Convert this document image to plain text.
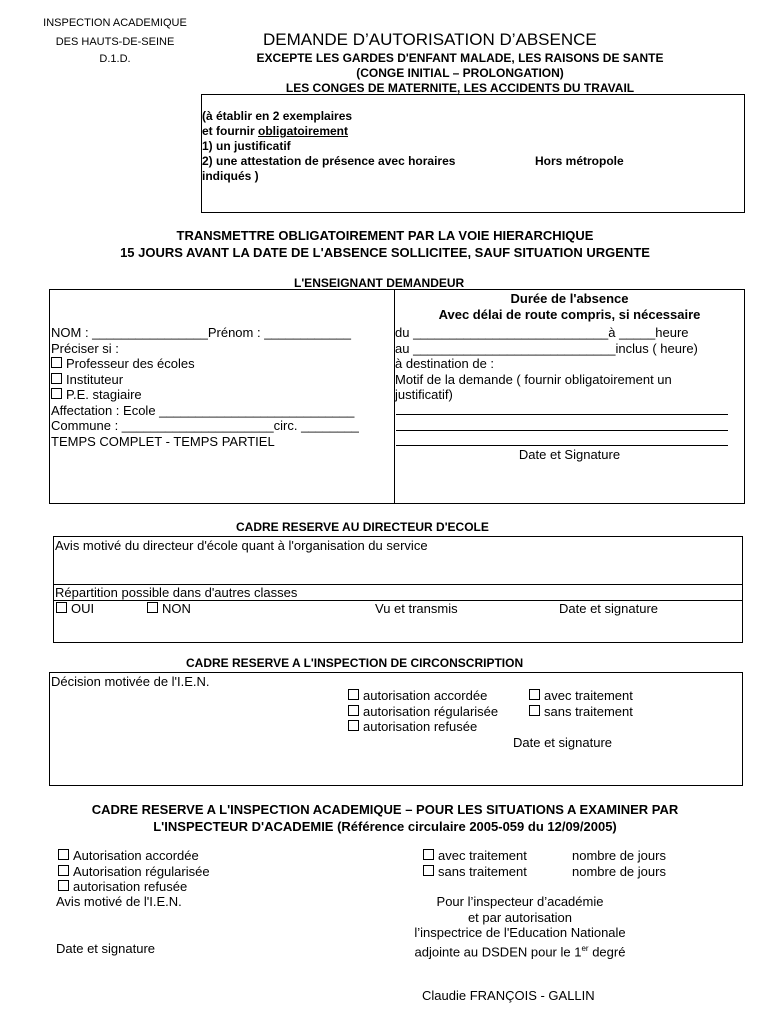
INSPECTION ACADEMIQUE
DES HAUTS-DE-SEINE
D.1.D.
DEMANDE D’AUTORISATION D’ABSENCE
EXCEPTE LES GARDES D'ENFANT MALADE, LES RAISONS DE SANTE
(CONGE INITIAL – PROLONGATION)
LES CONGES DE MATERNITE, LES ACCIDENTS DU TRAVAIL
(à établir en 2 exemplaires
et fournir obligatoirement
1) un justificatif
2) une attestation de présence avec horaires
indiqués )
Hors métropole
TRANSMETTRE OBLIGATOIREMENT PAR LA VOIE HIERARCHIQUE
15 JOURS AVANT LA DATE DE L'ABSENCE SOLLICITEE, SAUF SITUATION URGENTE
L'ENSEIGNANT DEMANDEUR
NOM : ________________Prénom : ____________
Préciser si :
Professeur des écoles
Instituteur
P.E. stagiaire
Affectation : Ecole ___________________________
Commune : _____________________circ. ________
TEMPS COMPLET - TEMPS PARTIEL
Durée de l'absence
Avec délai de route compris, si nécessaire
du ___________________________à _____heure
au ____________________________inclus ( heure)
à destination de :
Motif de la demande ( fournir obligatoirement un
justificatif)
Date et Signature
CADRE RESERVE AU DIRECTEUR D'ECOLE
Avis motivé du directeur d'école quant à l'organisation du service
Répartition possible dans d'autres classes
OUI	NON	Vu et transmis	Date et signature
CADRE RESERVE A L'INSPECTION DE CIRCONSCRIPTION
Décision motivée de l'I.E.N.
autorisation accordée
autorisation régularisée
autorisation refusée
avec traitement
sans traitement
Date et signature
CADRE RESERVE A L'INSPECTION ACADEMIQUE – POUR LES SITUATIONS A EXAMINER PAR
L'INSPECTEUR D'ACADEMIE (Référence circulaire 2005-059 du 12/09/2005)
Autorisation accordée
Autorisation régularisée
autorisation refusée
Avis motivé de l'I.E.N.
Date et signature
avec traitement
sans traitement
nombre de jours
nombre de jours
Pour l’inspecteur d’académie
et par autorisation
l’inspectrice de l'Education Nationale
adjointe au DSDEN pour le 1er degré
Claudie FRANÇOIS - GALLIN
